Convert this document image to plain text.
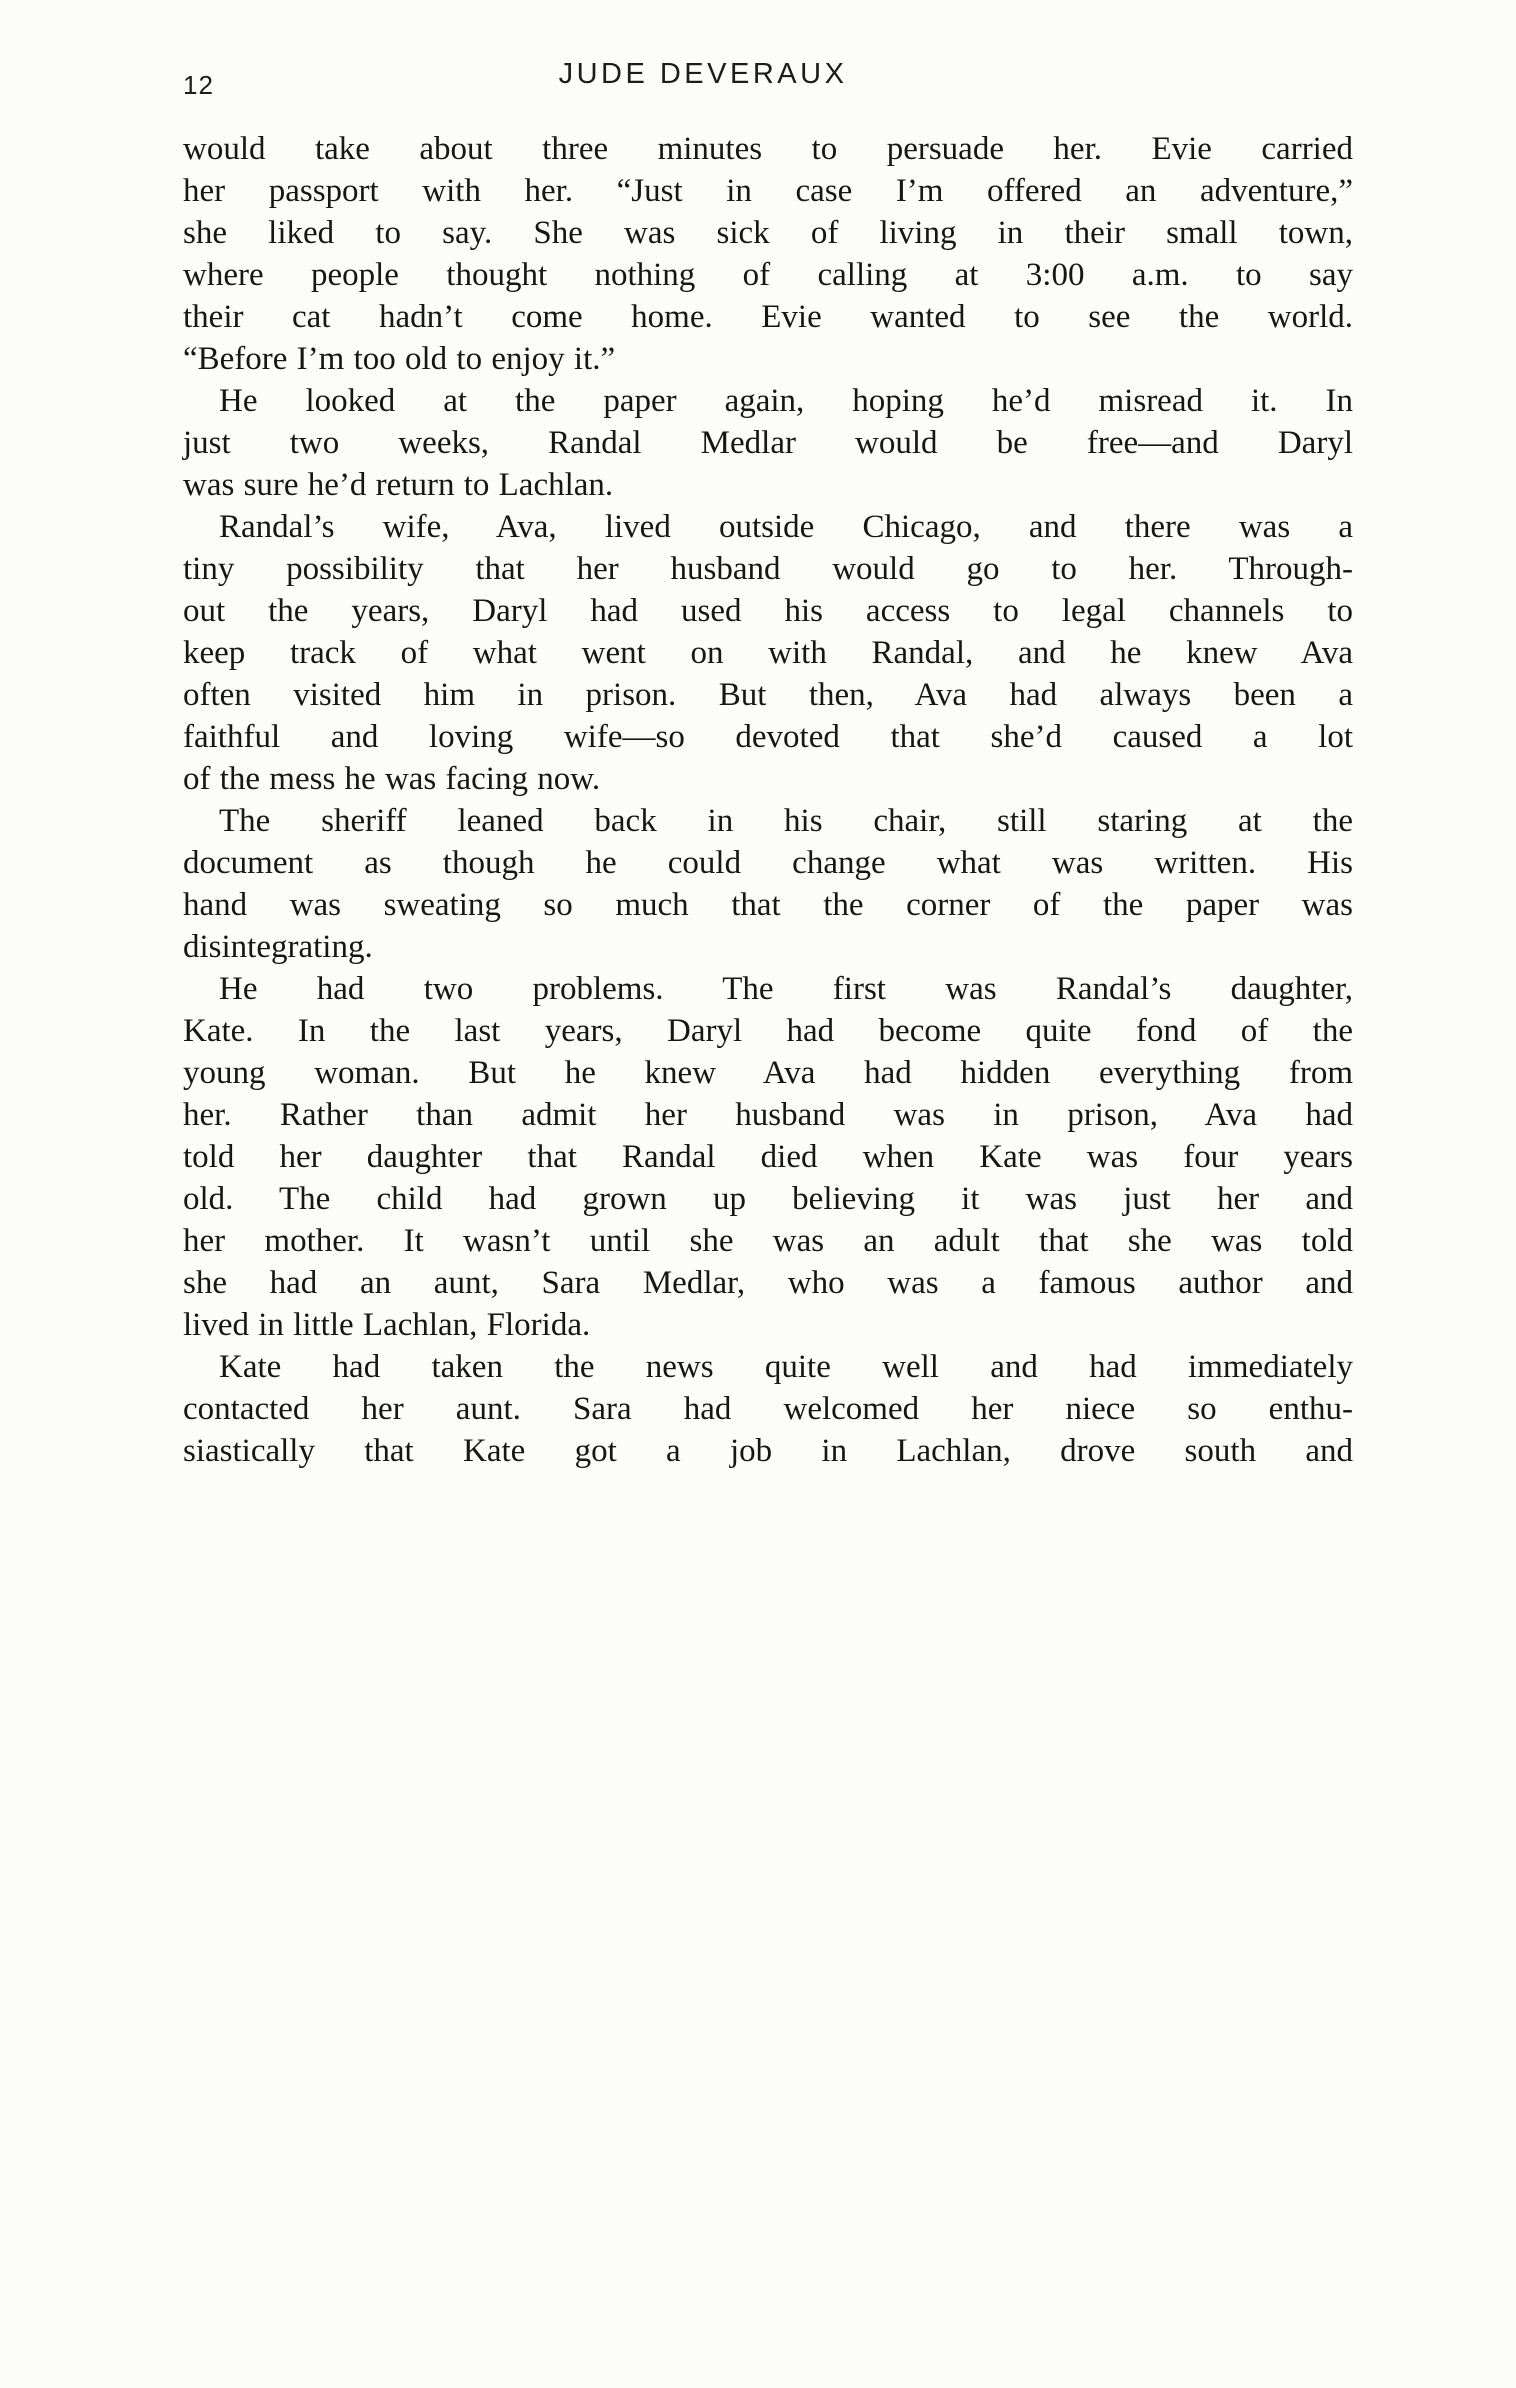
12	JUDE DEVERAUX
would take about three minutes to persuade her. Evie carried
her passport with her. “Just in case I’m offered an adventure,”
she liked to say. She was sick of living in their small town,
where people thought nothing of calling at 3:00 a.m. to say
their cat hadn’t come home. Evie wanted to see the world.
“Before I’m too old to enjoy it.”
He looked at the paper again, hoping he’d misread it. In
just two weeks, Randal Medlar would be free—and Daryl
was sure he’d return to Lachlan.
Randal’s wife, Ava, lived outside Chicago, and there was a
tiny possibility that her husband would go to her. Through-
out the years, Daryl had used his access to legal channels to
keep track of what went on with Randal, and he knew Ava
often visited him in prison. But then, Ava had always been a
faithful and loving wife—so devoted that she’d caused a lot
of the mess he was facing now.
The sheriff leaned back in his chair, still staring at the
document as though he could change what was written. His
hand was sweating so much that the corner of the paper was
disintegrating.
He had two problems. The first was Randal’s daughter,
Kate. In the last years, Daryl had become quite fond of the
young woman. But he knew Ava had hidden everything from
her. Rather than admit her husband was in prison, Ava had
told her daughter that Randal died when Kate was four years
old. The child had grown up believing it was just her and
her mother. It wasn’t until she was an adult that she was told
she had an aunt, Sara Medlar, who was a famous author and
lived in little Lachlan, Florida.
Kate had taken the news quite well and had immediately
contacted her aunt. Sara had welcomed her niece so enthu-
siastically that Kate got a job in Lachlan, drove south and
